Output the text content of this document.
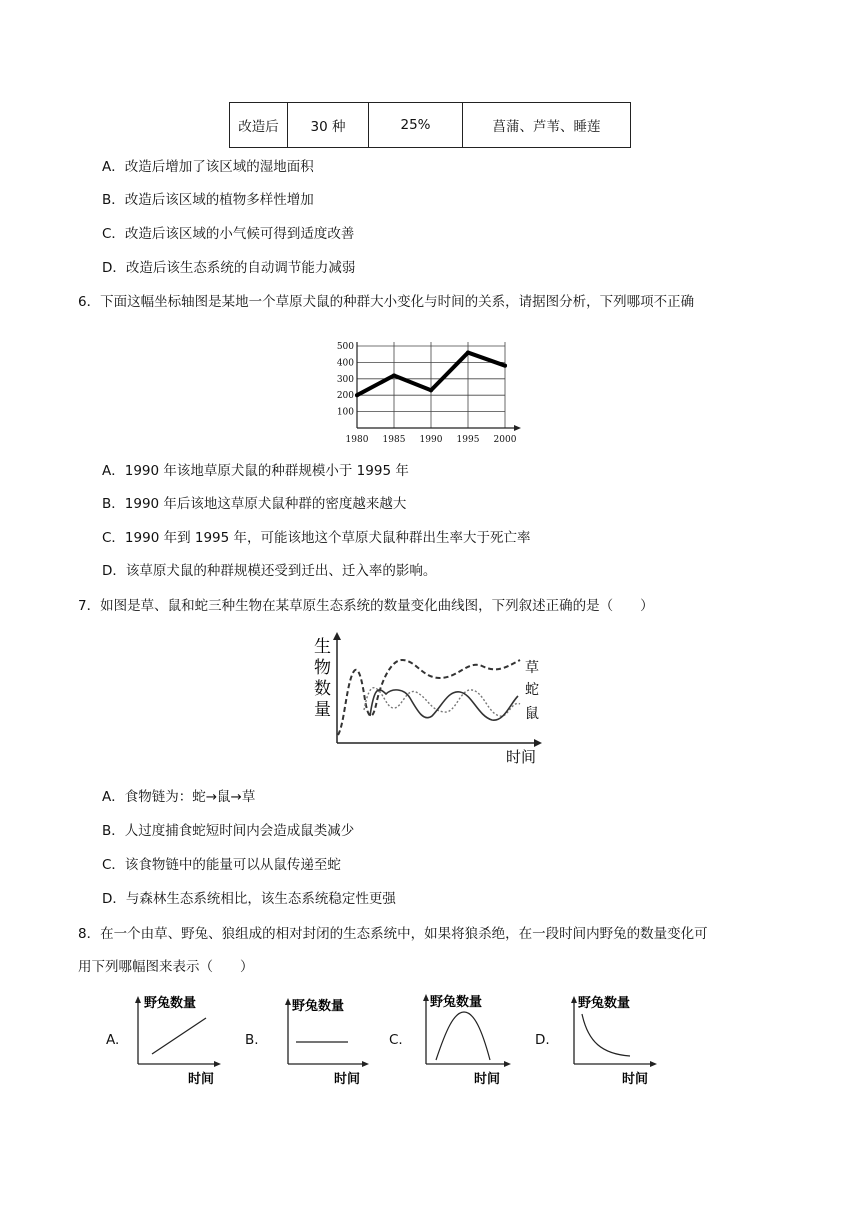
改造后	30 种	25%	菖蒲、芦苇、睡莲
A．改造后增加了该区域的湿地面积
B．改造后该区域的植物多样性增加
C．改造后该区域的小气候可得到适度改善
D．改造后该生态系统的自动调节能力减弱
6．下面这幅坐标轴图是某地一个草原犬鼠的种群大小变化与时间的关系，请据图分析，下列哪项不正确
100
200
300
400
500
1980 1985 1990 1995 2000
A．1990 年该地草原犬鼠的种群规模小于 1995 年
B．1990 年后该地这草原犬鼠种群的密度越来越大
C．1990 年到 1995 年，可能该地这个草原犬鼠种群出生率大于死亡率
D．该草原犬鼠的种群规模还受到迁出、迁入率的影响。
7．如图是草、鼠和蛇三种生物在某草原生态系统的数量变化曲线图，下列叙述正确的是（　　）
生
物
数
量
草
蛇
鼠
时间
A．食物链为：蛇→鼠→草
B．人过度捕食蛇短时间内会造成鼠类减少
C．该食物链中的能量可以从鼠传递至蛇
D．与森林生态系统相比，该生态系统稳定性更强
8．在一个由草、野兔、狼组成的相对封闭的生态系统中，如果将狼杀绝，在一段时间内野兔的数量变化可
用下列哪幅图来表示（　　）
A.
野兔数量
时间
B.
野兔数量
时间
C.
野兔数量
时间
D.
野兔数量
时间
